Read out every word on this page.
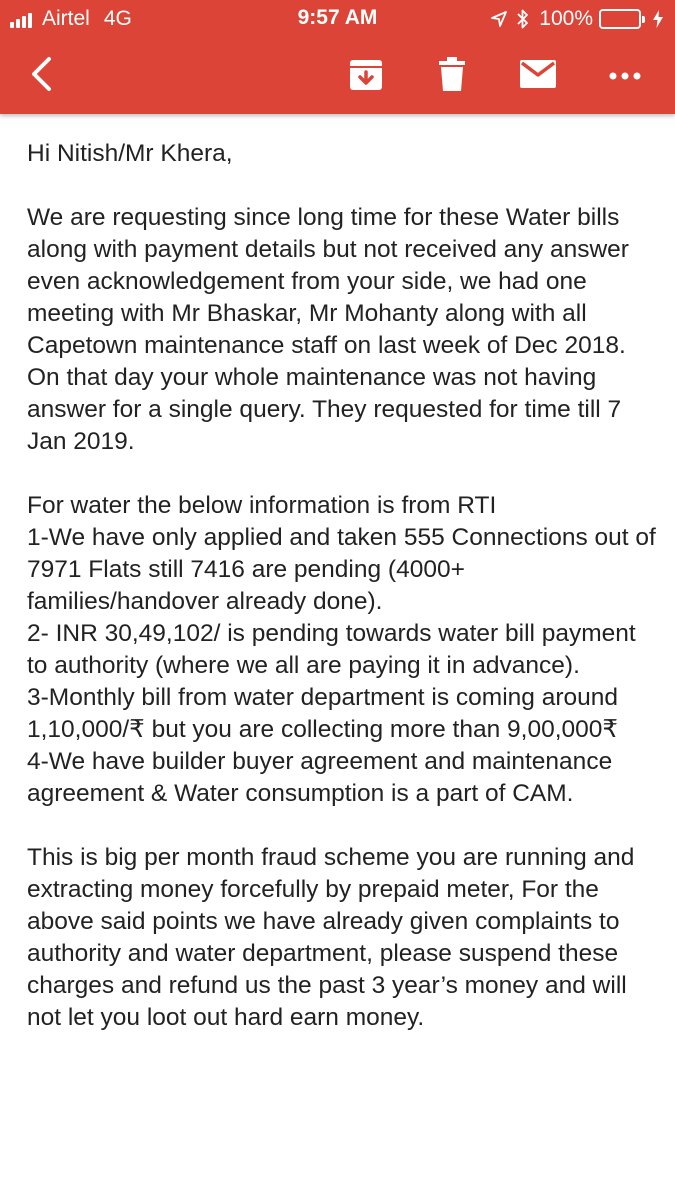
Airtel 4G	9:57 AM	100%

Hi Nitish/Mr Khera,

We are requesting since long time for these Water bills along with payment details but not received any answer even acknowledgement from your side, we had one meeting with Mr Bhaskar, Mr Mohanty along with all Capetown maintenance staff on last week of Dec 2018. On that day your whole maintenance was not having answer for a single query. They requested for time till 7 Jan 2019.

For water the below information is from RTI

1-We have only applied and taken 555 Connections out of 7971 Flats still 7416 are pending (4000+ families/handover already done).

2- INR 30,49,102/ is pending towards water bill payment to authority (where we all are paying it in advance).

3-Monthly bill from water department is coming around 1,10,000/₹ but you are collecting more than 9,00,000₹

4-We have builder buyer agreement and maintenance agreement & Water consumption is a part of CAM.

This is big per month fraud scheme you are running and extracting money forcefully by prepaid meter, For the above said points we have already given complaints to authority and water department, please suspend these charges and refund us the past 3 year’s money and will not let you loot out hard earn money.
